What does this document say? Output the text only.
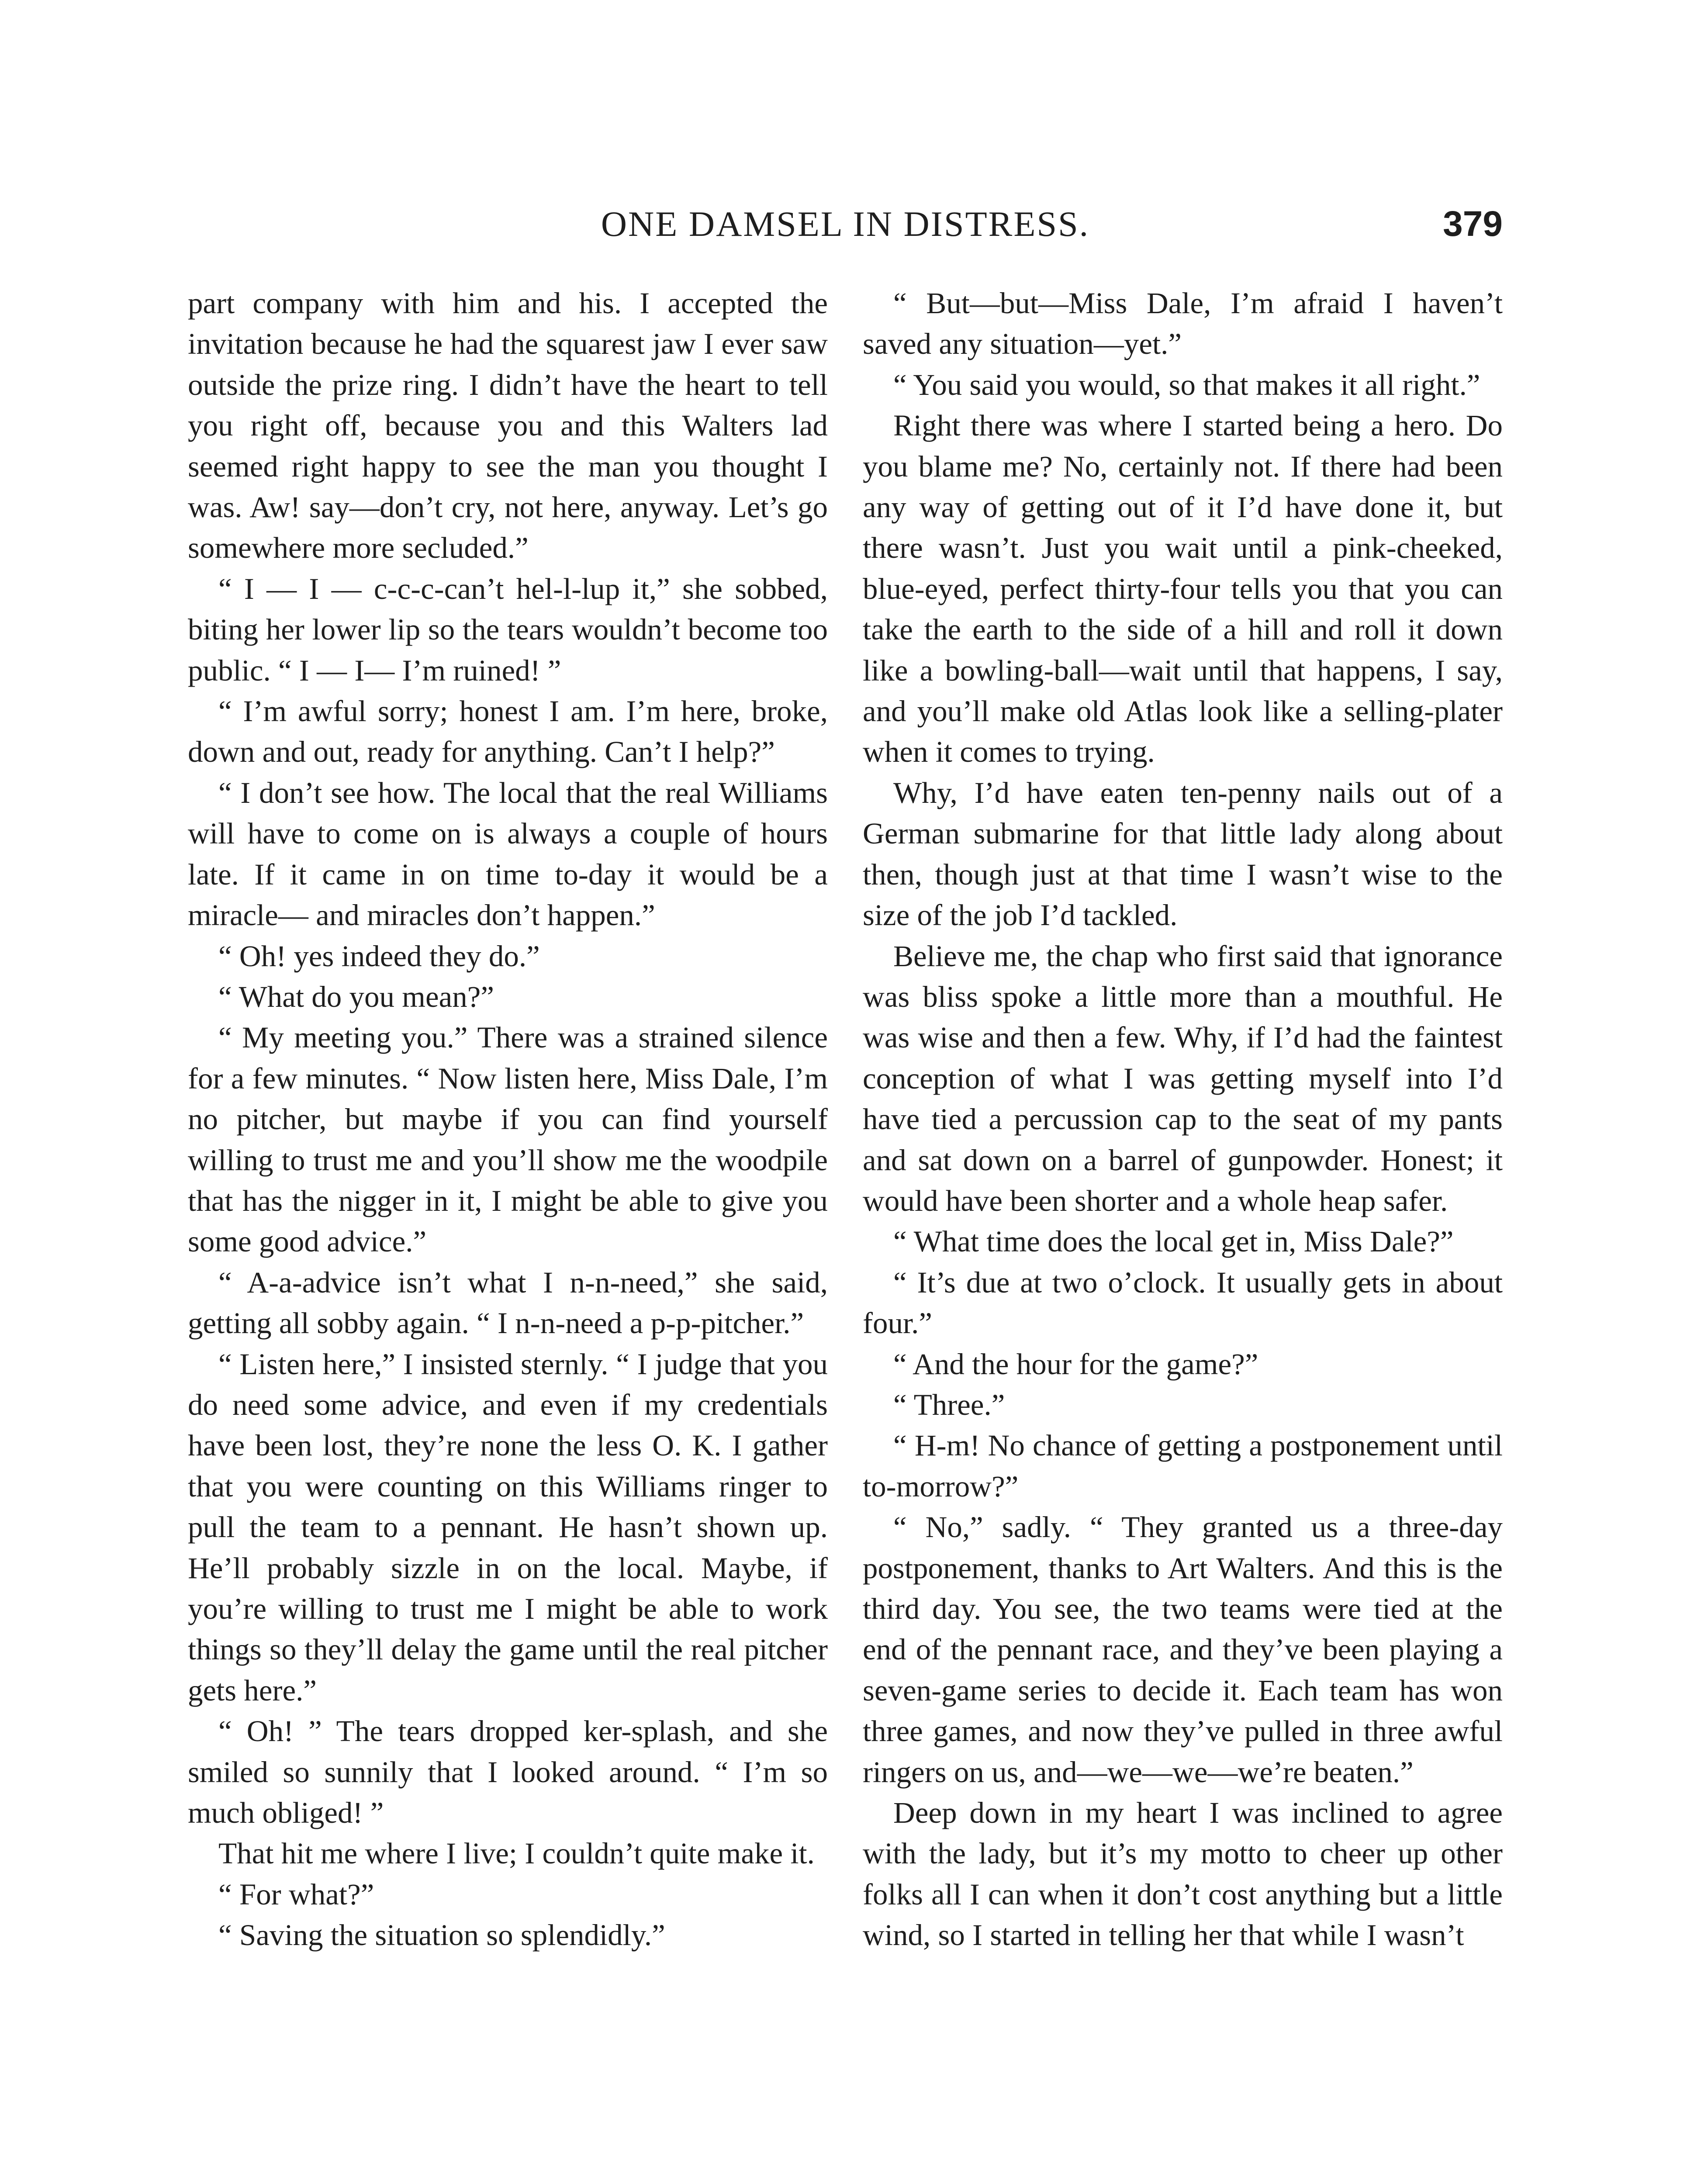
ONE DAMSEL IN DISTRESS.	379

part company with him and his. I accepted the invitation because he had the squarest jaw I ever saw outside the prize ring. I didn’t have the heart to tell you right off, because you and this Walters lad seemed right happy to see the man you thought I was. Aw! say—don’t cry, not here, anyway. Let’s go somewhere more secluded.”

“ I — I — c-c-c-can’t hel-l-lup it,” she sobbed, biting her lower lip so the tears wouldn’t become too public. “ I — I— I’m ruined! ”

“ I’m awful sorry; honest I am. I’m here, broke, down and out, ready for anything. Can’t I help?”

“ I don’t see how. The local that the real Williams will have to come on is always a couple of hours late. If it came in on time to-day it would be a miracle— and miracles don’t happen.”

“ Oh! yes indeed they do.”

“ What do you mean?”

“ My meeting you.” There was a strained silence for a few minutes. “ Now listen here, Miss Dale, I’m no pitcher, but maybe if you can find yourself willing to trust me and you’ll show me the woodpile that has the nigger in it, I might be able to give you some good advice.”

“ A-a-advice isn’t what I n-n-need,” she said, getting all sobby again. “ I n-n-need a p-p-pitcher.”

“ Listen here,” I insisted sternly. “ I judge that you do need some advice, and even if my credentials have been lost, they’re none the less O. K. I gather that you were counting on this Williams ringer to pull the team to a pennant. He hasn’t shown up. He’ll probably sizzle in on the local. Maybe, if you’re willing to trust me I might be able to work things so they’ll delay the game until the real pitcher gets here.”

“ Oh! ” The tears dropped ker-splash, and she smiled so sunnily that I looked around. “ I’m so much obliged! ”

That hit me where I live; I couldn’t quite make it.

“ For what?”

“ Saving the situation so splendidly.”

“ But—but—Miss Dale, I’m afraid I haven’t saved any situation—yet.”

“ You said you would, so that makes it all right.”

Right there was where I started being a hero. Do you blame me? No, certainly not. If there had been any way of getting out of it I’d have done it, but there wasn’t. Just you wait until a pink-cheeked, blue-eyed, perfect thirty-four tells you that you can take the earth to the side of a hill and roll it down like a bowling-ball—wait until that happens, I say, and you’ll make old Atlas look like a selling-plater when it comes to trying.

Why, I’d have eaten ten-penny nails out of a German submarine for that little lady along about then, though just at that time I wasn’t wise to the size of the job I’d tackled.

Believe me, the chap who first said that ignorance was bliss spoke a little more than a mouthful. He was wise and then a few. Why, if I’d had the faintest conception of what I was getting myself into I’d have tied a percussion cap to the seat of my pants and sat down on a barrel of gunpowder. Honest; it would have been shorter and a whole heap safer.

“ What time does the local get in, Miss Dale?”

“ It’s due at two o’clock. It usually gets in about four.”

“ And the hour for the game?”

“ Three.”

“ H-m! No chance of getting a postponement until to-morrow?”

“ No,” sadly. “ They granted us a three-day postponement, thanks to Art Walters. And this is the third day. You see, the two teams were tied at the end of the pennant race, and they’ve been playing a seven-game series to decide it. Each team has won three games, and now they’ve pulled in three awful ringers on us, and—we—we—we’re beaten.”

Deep down in my heart I was inclined to agree with the lady, but it’s my motto to cheer up other folks all I can when it don’t cost anything but a little wind, so I started in telling her that while I wasn’t
